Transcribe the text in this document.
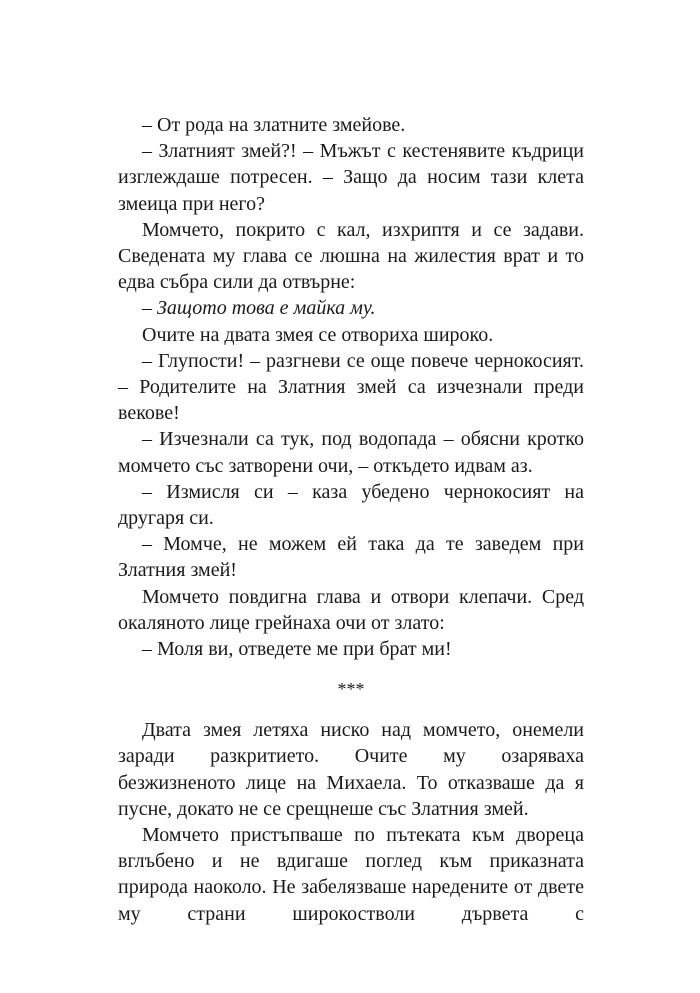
– От рода на златните змейове.

– Златният змей?! – Мъжът с кестенявите къдрици изглеждаше потресен. – Защо да носим тази клета змеица при него?

Момчето, покрито с кал, изхриптя и се задави. Сведената му глава се люшна на жилестия врат и то едва събра сили да отвърне:

– Защото това е майка му.

Очите на двата змея се отвориха широко.

– Глупости! – разгневи се още повече чернокосият. – Родителите на Златния змей са изчезнали преди векове!

– Изчезнали са тук, под водопада – обясни кротко момчето със затворени очи, – откъдето идвам аз.

– Измисля си – каза убедено чернокосият на другаря си.

– Момче, не можем ей така да те заведем при Златния змей!

Момчето повдигна глава и отвори клепачи. Сред окаляното лице грейнаха очи от злато:

– Моля ви, отведете ме при брат ми!

***

Двата змея летяха ниско над момчето, онемели заради разкритието. Очите му озаряваха безжизненото лице на Михаела. То отказваше да я пусне, докато не се срещнеше със Златния змей.

Момчето пристъпваше по пътеката към двореца вглъбено и не вдигаше поглед към приказната природа наоколо. Не забелязваше наредените от двете му страни широкостволи дървета с
